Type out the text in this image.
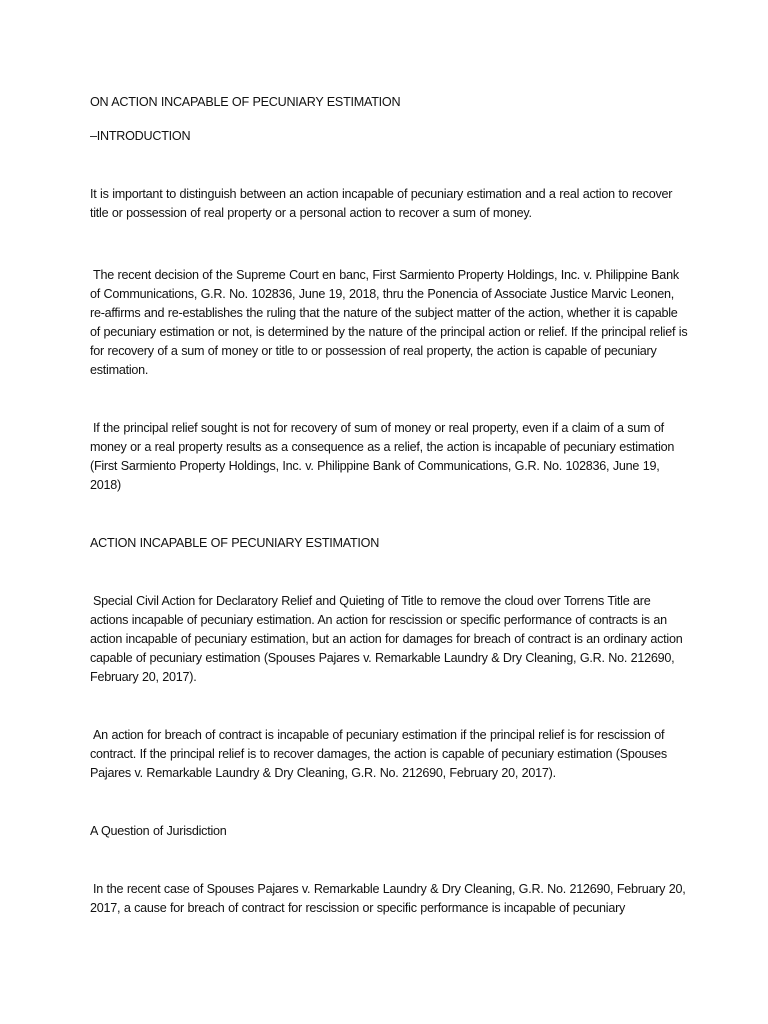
ON ACTION INCAPABLE OF PECUNIARY ESTIMATION

–INTRODUCTION

It is important to distinguish between an action incapable of pecuniary estimation and a real action to recover title or possession of real property or a personal action to recover a sum of money.

The recent decision of the Supreme Court en banc, First Sarmiento Property Holdings, Inc. v. Philippine Bank of Communications, G.R. No. 102836, June 19, 2018, thru the Ponencia of Associate Justice Marvic Leonen, re-affirms and re-establishes the ruling that the nature of the subject matter of the action, whether it is capable of pecuniary estimation or not, is determined by the nature of the principal action or relief. If the principal relief is for recovery of a sum of money or title to or possession of real property, the action is capable of pecuniary estimation.

If the principal relief sought is not for recovery of sum of money or real property, even if a claim of a sum of money or a real property results as a consequence as a relief, the action is incapable of pecuniary estimation (First Sarmiento Property Holdings, Inc. v. Philippine Bank of Communications, G.R. No. 102836, June 19, 2018)

ACTION INCAPABLE OF PECUNIARY ESTIMATION

Special Civil Action for Declaratory Relief and Quieting of Title to remove the cloud over Torrens Title are actions incapable of pecuniary estimation. An action for rescission or specific performance of contracts is an action incapable of pecuniary estimation, but an action for damages for breach of contract is an ordinary action capable of pecuniary estimation (Spouses Pajares v. Remarkable Laundry & Dry Cleaning, G.R. No. 212690, February 20, 2017).

An action for breach of contract is incapable of pecuniary estimation if the principal relief is for rescission of contract. If the principal relief is to recover damages, the action is capable of pecuniary estimation (Spouses Pajares v. Remarkable Laundry & Dry Cleaning, G.R. No. 212690, February 20, 2017).

A Question of Jurisdiction

In the recent case of Spouses Pajares v. Remarkable Laundry & Dry Cleaning, G.R. No. 212690, February 20, 2017, a cause for breach of contract for rescission or specific performance is incapable of pecuniary
